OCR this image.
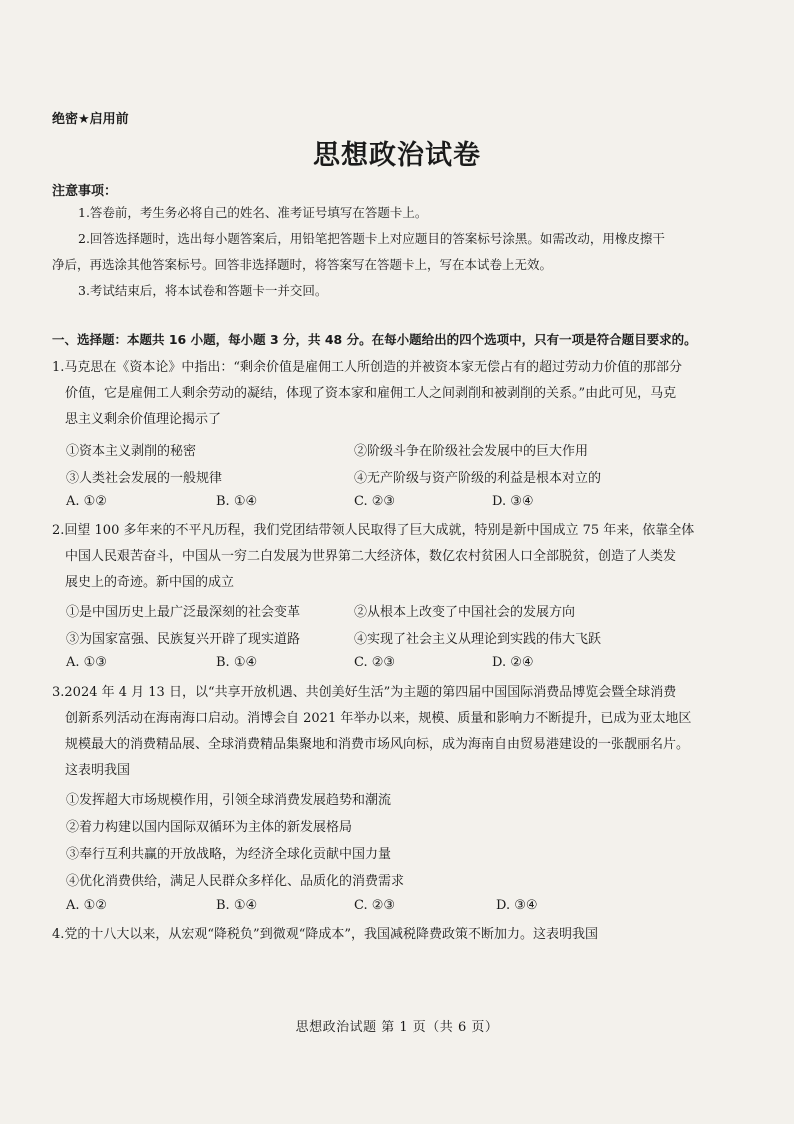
绝密★启用前
思想政治试卷
注意事项：
1.答卷前，考生务必将自己的姓名、准考证号填写在答题卡上。
2.回答选择题时，选出每小题答案后，用铅笔把答题卡上对应题目的答案标号涂黑。如需改动，用橡皮擦干
净后，再选涂其他答案标号。回答非选择题时，将答案写在答题卡上，写在本试卷上无效。
3.考试结束后，将本试卷和答题卡一并交回。
一、选择题：本题共 16 小题，每小题 3 分，共 48 分。在每小题给出的四个选项中，只有一项是符合题目要求的。
1.马克思在《资本论》中指出：“剩余价值是雇佣工人所创造的并被资本家无偿占有的超过劳动力价值的那部分
价值，它是雇佣工人剩余劳动的凝结，体现了资本家和雇佣工人之间剥削和被剥削的关系。”由此可见，马克
思主义剩余价值理论揭示了
①资本主义剥削的秘密	②阶级斗争在阶级社会发展中的巨大作用
③人类社会发展的一般规律	④无产阶级与资产阶级的利益是根本对立的
A. ①②	B. ①④	C. ②③	D. ③④
2.回望 100 多年来的不平凡历程，我们党团结带领人民取得了巨大成就，特别是新中国成立 75 年来，依靠全体
中国人民艰苦奋斗，中国从一穷二白发展为世界第二大经济体，数亿农村贫困人口全部脱贫，创造了人类发
展史上的奇迹。新中国的成立
①是中国历史上最广泛最深刻的社会变革	②从根本上改变了中国社会的发展方向
③为国家富强、民族复兴开辟了现实道路	④实现了社会主义从理论到实践的伟大飞跃
A. ①③	B. ①④	C. ②③	D. ②④
3.2024 年 4 月 13 日，以“共享开放机遇、共创美好生活”为主题的第四届中国国际消费品博览会暨全球消费
创新系列活动在海南海口启动。消博会自 2021 年举办以来，规模、质量和影响力不断提升，已成为亚太地区
规模最大的消费精品展、全球消费精品集聚地和消费市场风向标，成为海南自由贸易港建设的一张靓丽名片。
这表明我国
①发挥超大市场规模作用，引领全球消费发展趋势和潮流
②着力构建以国内国际双循环为主体的新发展格局
③奉行互利共赢的开放战略，为经济全球化贡献中国力量
④优化消费供给，满足人民群众多样化、品质化的消费需求
A. ①②	B. ①④	C. ②③	D. ③④
4.党的十八大以来，从宏观“降税负”到微观“降成本”，我国减税降费政策不断加力。这表明我国
思想政治试题 第 1 页（共 6 页）
